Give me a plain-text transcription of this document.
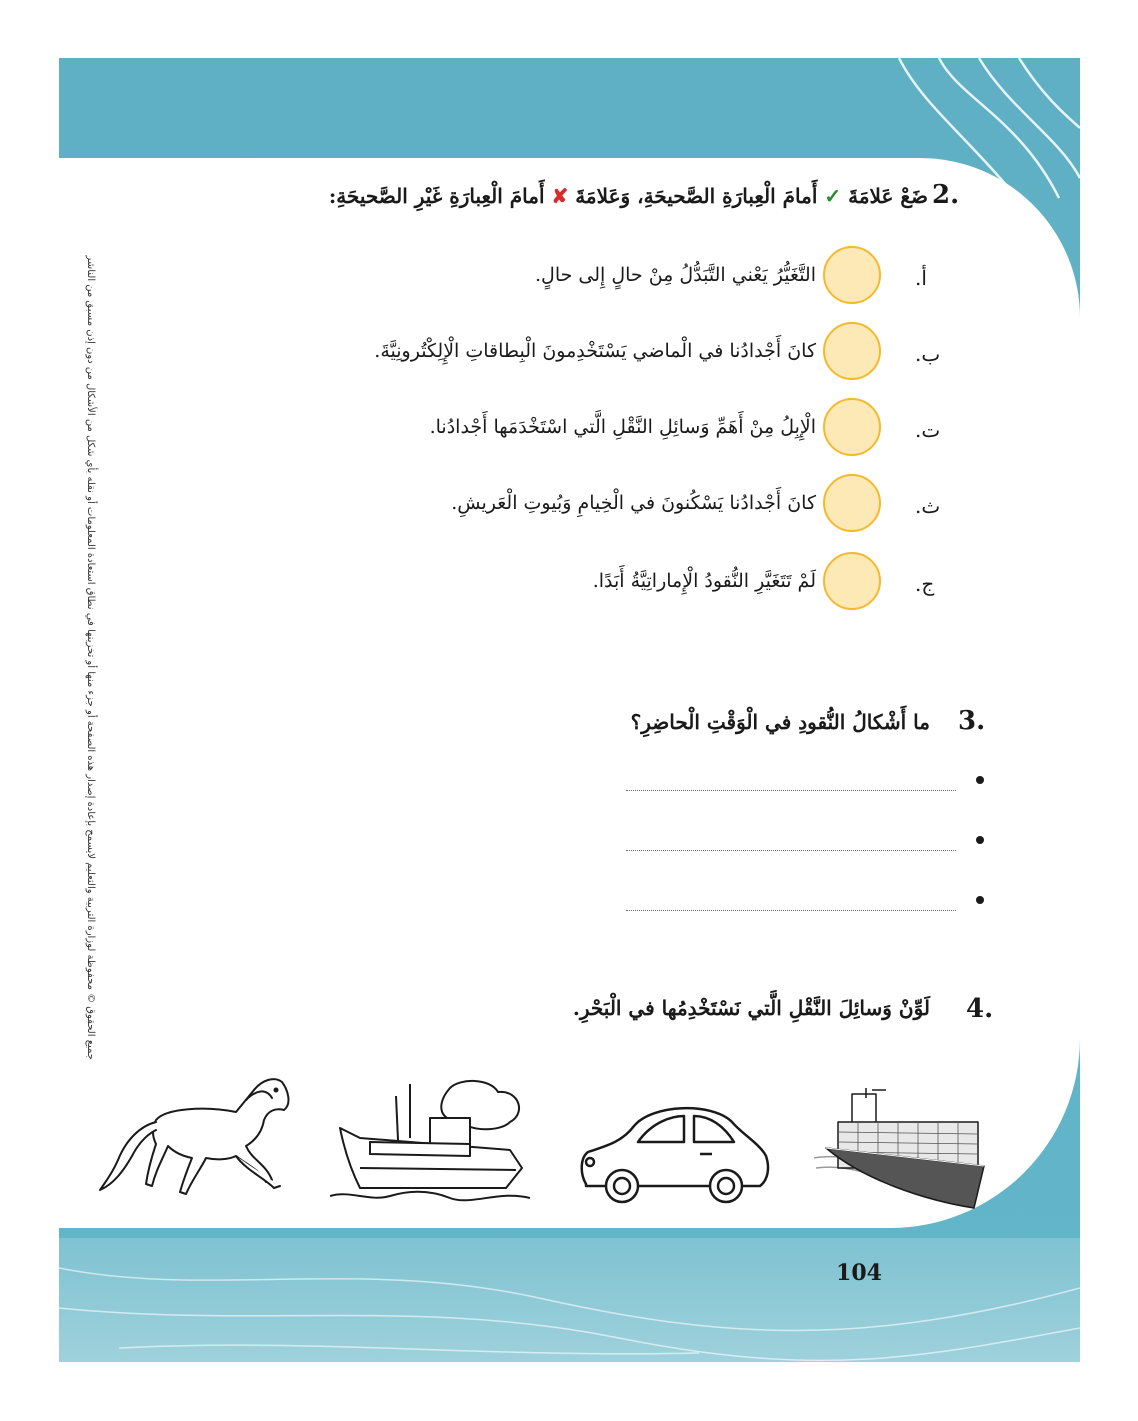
104
جميع الحقوق © محفوظة لوزارة التربية والتعليم لايسمح بإعادة إصدار هذه الصفحة أو جزء منها أو تخزينها في نطاق استعادة المعلومات أو نقله بأي شكل من الأشكال من دون إذن مسبق من الناشر
2.
ضَعْ عَلامَةَ ✓ أَمامَ الْعِبارَةِ الصَّحيحَةِ، وَعَلامَةَ ✘ أَمامَ الْعِبارَةِ غَيْرِ الصَّحيحَةِ:
أ.
التَّغَيُّرُ يَعْني التَّبَدُّلُ مِنْ حالٍ إِلى حالٍ.
ب.
كانَ أَجْدادُنا في الْماضي يَسْتَخْدِمونَ الْبِطاقاتِ الْإِلِكْتُرونِيَّةَ.
ت.
الْإِبِلُ مِنْ أَهَمِّ وَسائِلِ النَّقْلِ الَّتي اسْتَخْدَمَها أَجْدادُنا.
ث.
كانَ أَجْدادُنا يَسْكُنونَ في الْخِيامِ وَبُيوتِ الْعَريشِ.
ج.
لَمْ تَتَغَيَّرِ النُّقودُ الْإِماراتِيَّةُ أَبَدًا.
3.
ما أَشْكالُ النُّقودِ في الْوَقْتِ الْحاضِرِ؟
4.
لَوِّنْ وَسائِلَ النَّقْلِ الَّتي نَسْتَخْدِمُها في الْبَحْرِ.
